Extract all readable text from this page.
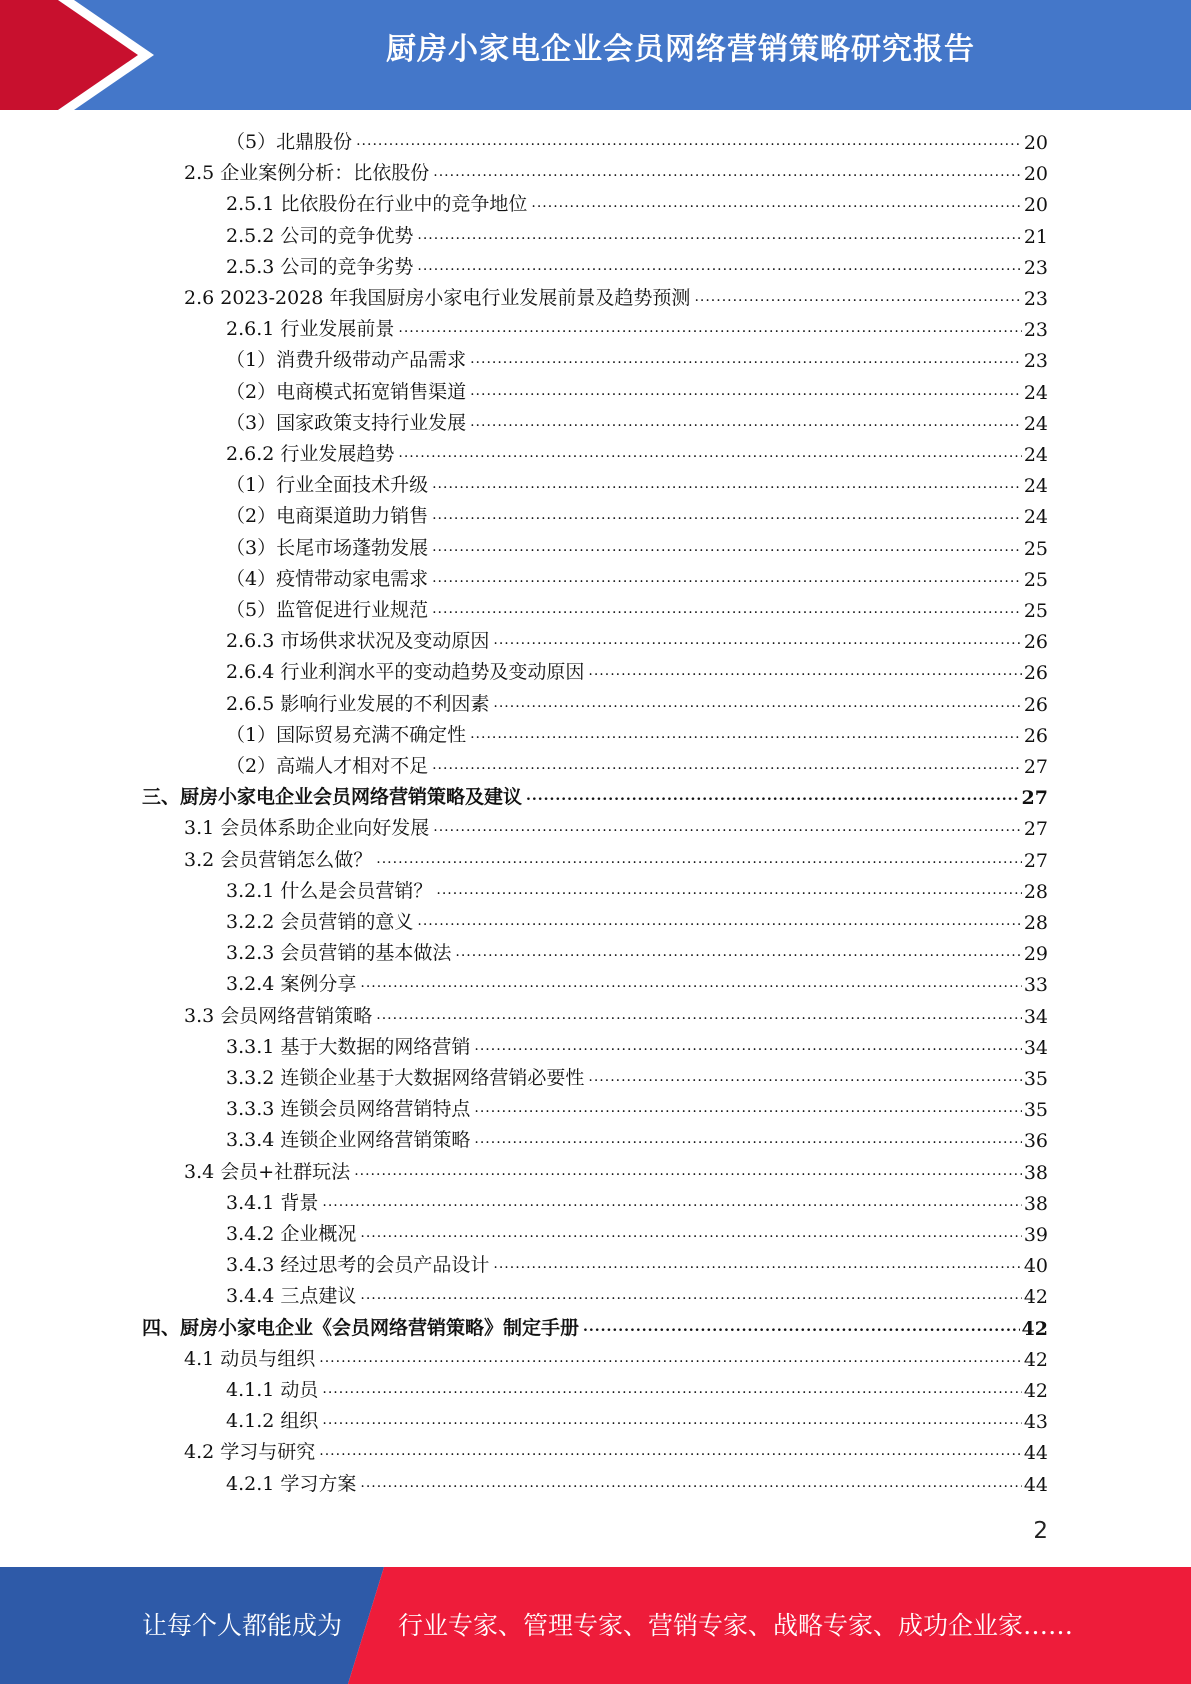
厨房小家电企业会员网络营销策略研究报告
（5）北鼎股份 .....	20
2.5 企业案例分析：比依股份 .....	20
2.5.1 比依股份在行业中的竞争地位 .....	20
2.5.2 公司的竞争优势 .....	21
2.5.3 公司的竞争劣势 .....	23
2.6 2023-2028 年我国厨房小家电行业发展前景及趋势预测 .....	23
2.6.1 行业发展前景 .....	23
（1）消费升级带动产品需求 .....	23
（2）电商模式拓宽销售渠道 .....	24
（3）国家政策支持行业发展 .....	24
2.6.2 行业发展趋势 .....	24
（1）行业全面技术升级 .....	24
（2）电商渠道助力销售 .....	24
（3）长尾市场蓬勃发展 .....	25
（4）疫情带动家电需求 .....	25
（5）监管促进行业规范 .....	25
2.6.3 市场供求状况及变动原因 .....	26
2.6.4 行业利润水平的变动趋势及变动原因 .....	26
2.6.5 影响行业发展的不利因素 .....	26
（1）国际贸易充满不确定性 .....	26
（2）高端人才相对不足 .....	27
三、厨房小家电企业会员网络营销策略及建议 .....	27
3.1 会员体系助企业向好发展 .....	27
3.2 会员营销怎么做？ .....	27
3.2.1 什么是会员营销？ .....	28
3.2.2 会员营销的意义 .....	28
3.2.3 会员营销的基本做法 .....	29
3.2.4 案例分享 .....	33
3.3 会员网络营销策略 .....	34
3.3.1 基于大数据的网络营销 .....	34
3.3.2 连锁企业基于大数据网络营销必要性 .....	35
3.3.3 连锁会员网络营销特点 .....	35
3.3.4 连锁企业网络营销策略 .....	36
3.4 会员+社群玩法 .....	38
3.4.1 背景 .....	38
3.4.2 企业概况 .....	39
3.4.3 经过思考的会员产品设计 .....	40
3.4.4 三点建议 .....	42
四、厨房小家电企业《会员网络营销策略》制定手册 .....	42
4.1 动员与组织 .....	42
4.1.1 动员 .....	42
4.1.2 组织 .....	43
4.2 学习与研究 .....	44
4.2.1 学习方案 .....	44
2
让每个人都能成为 行业专家、管理专家、营销专家、战略专家、成功企业家……
